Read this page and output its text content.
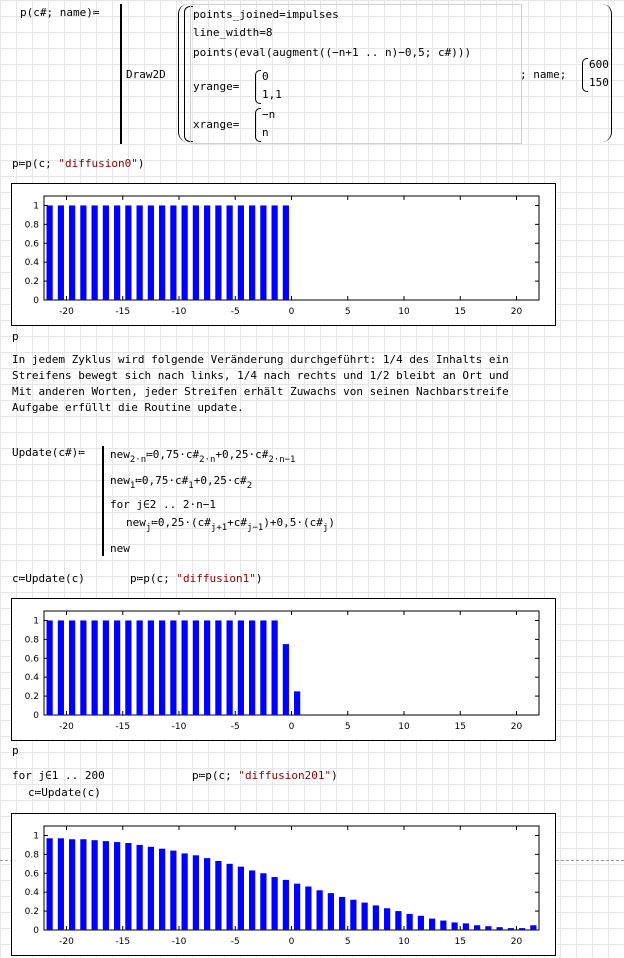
p(c#; name)≔
Draw2D
points_joined=impulses
line_width=8
points(eval(augment((−n+1 .. n)−0,5; c#)))
yrange=
0
1,1
xrange=
−n
n
; name;
600
150
p≔p(c; "diffusion0")
0
0.2
0.4
0.6
0.8
1
-20	-15	-10	-5	0	5	10	15	20
p
In jedem Zyklus wird folgende Veränderung durchgeführt: 1/4 des Inhalts ein
Streifens bewegt sich nach links, 1/4 nach rechts und 1/2 bleibt an Ort und
Mit anderen Worten, jeder Streifen erhält Zuwachs von seinen Nachbarstreife
Aufgabe erfüllt die Routine update.
Update(c#)≔ $new_{2\cdot n}≔0,75\cdot c\#_{2\cdot n}+0,25\cdot c\#_{2\cdot n-1}$
$new_1≔0,75\cdot c\#_1+0,25\cdot c\#_2$
for j∈2 .. 2·n−1
$new_j≔0,25\cdot(c\#_{j+1}+c\#_{j-1})+0,5\cdot(c\#_j)$
new
c≔Update(c)	p≔p(c; "diffusion1")
0
0.2
0.4
0.6
0.8
1
-20	-15	-10	-5	0	5	10	15	20
p
for j∈1 .. 200
c≔Update(c)
p≔p(c; "diffusion201")
0
0.2
0.4
0.6
0.8
1
-20	-15	-10	-5	0	5	10	15	20
